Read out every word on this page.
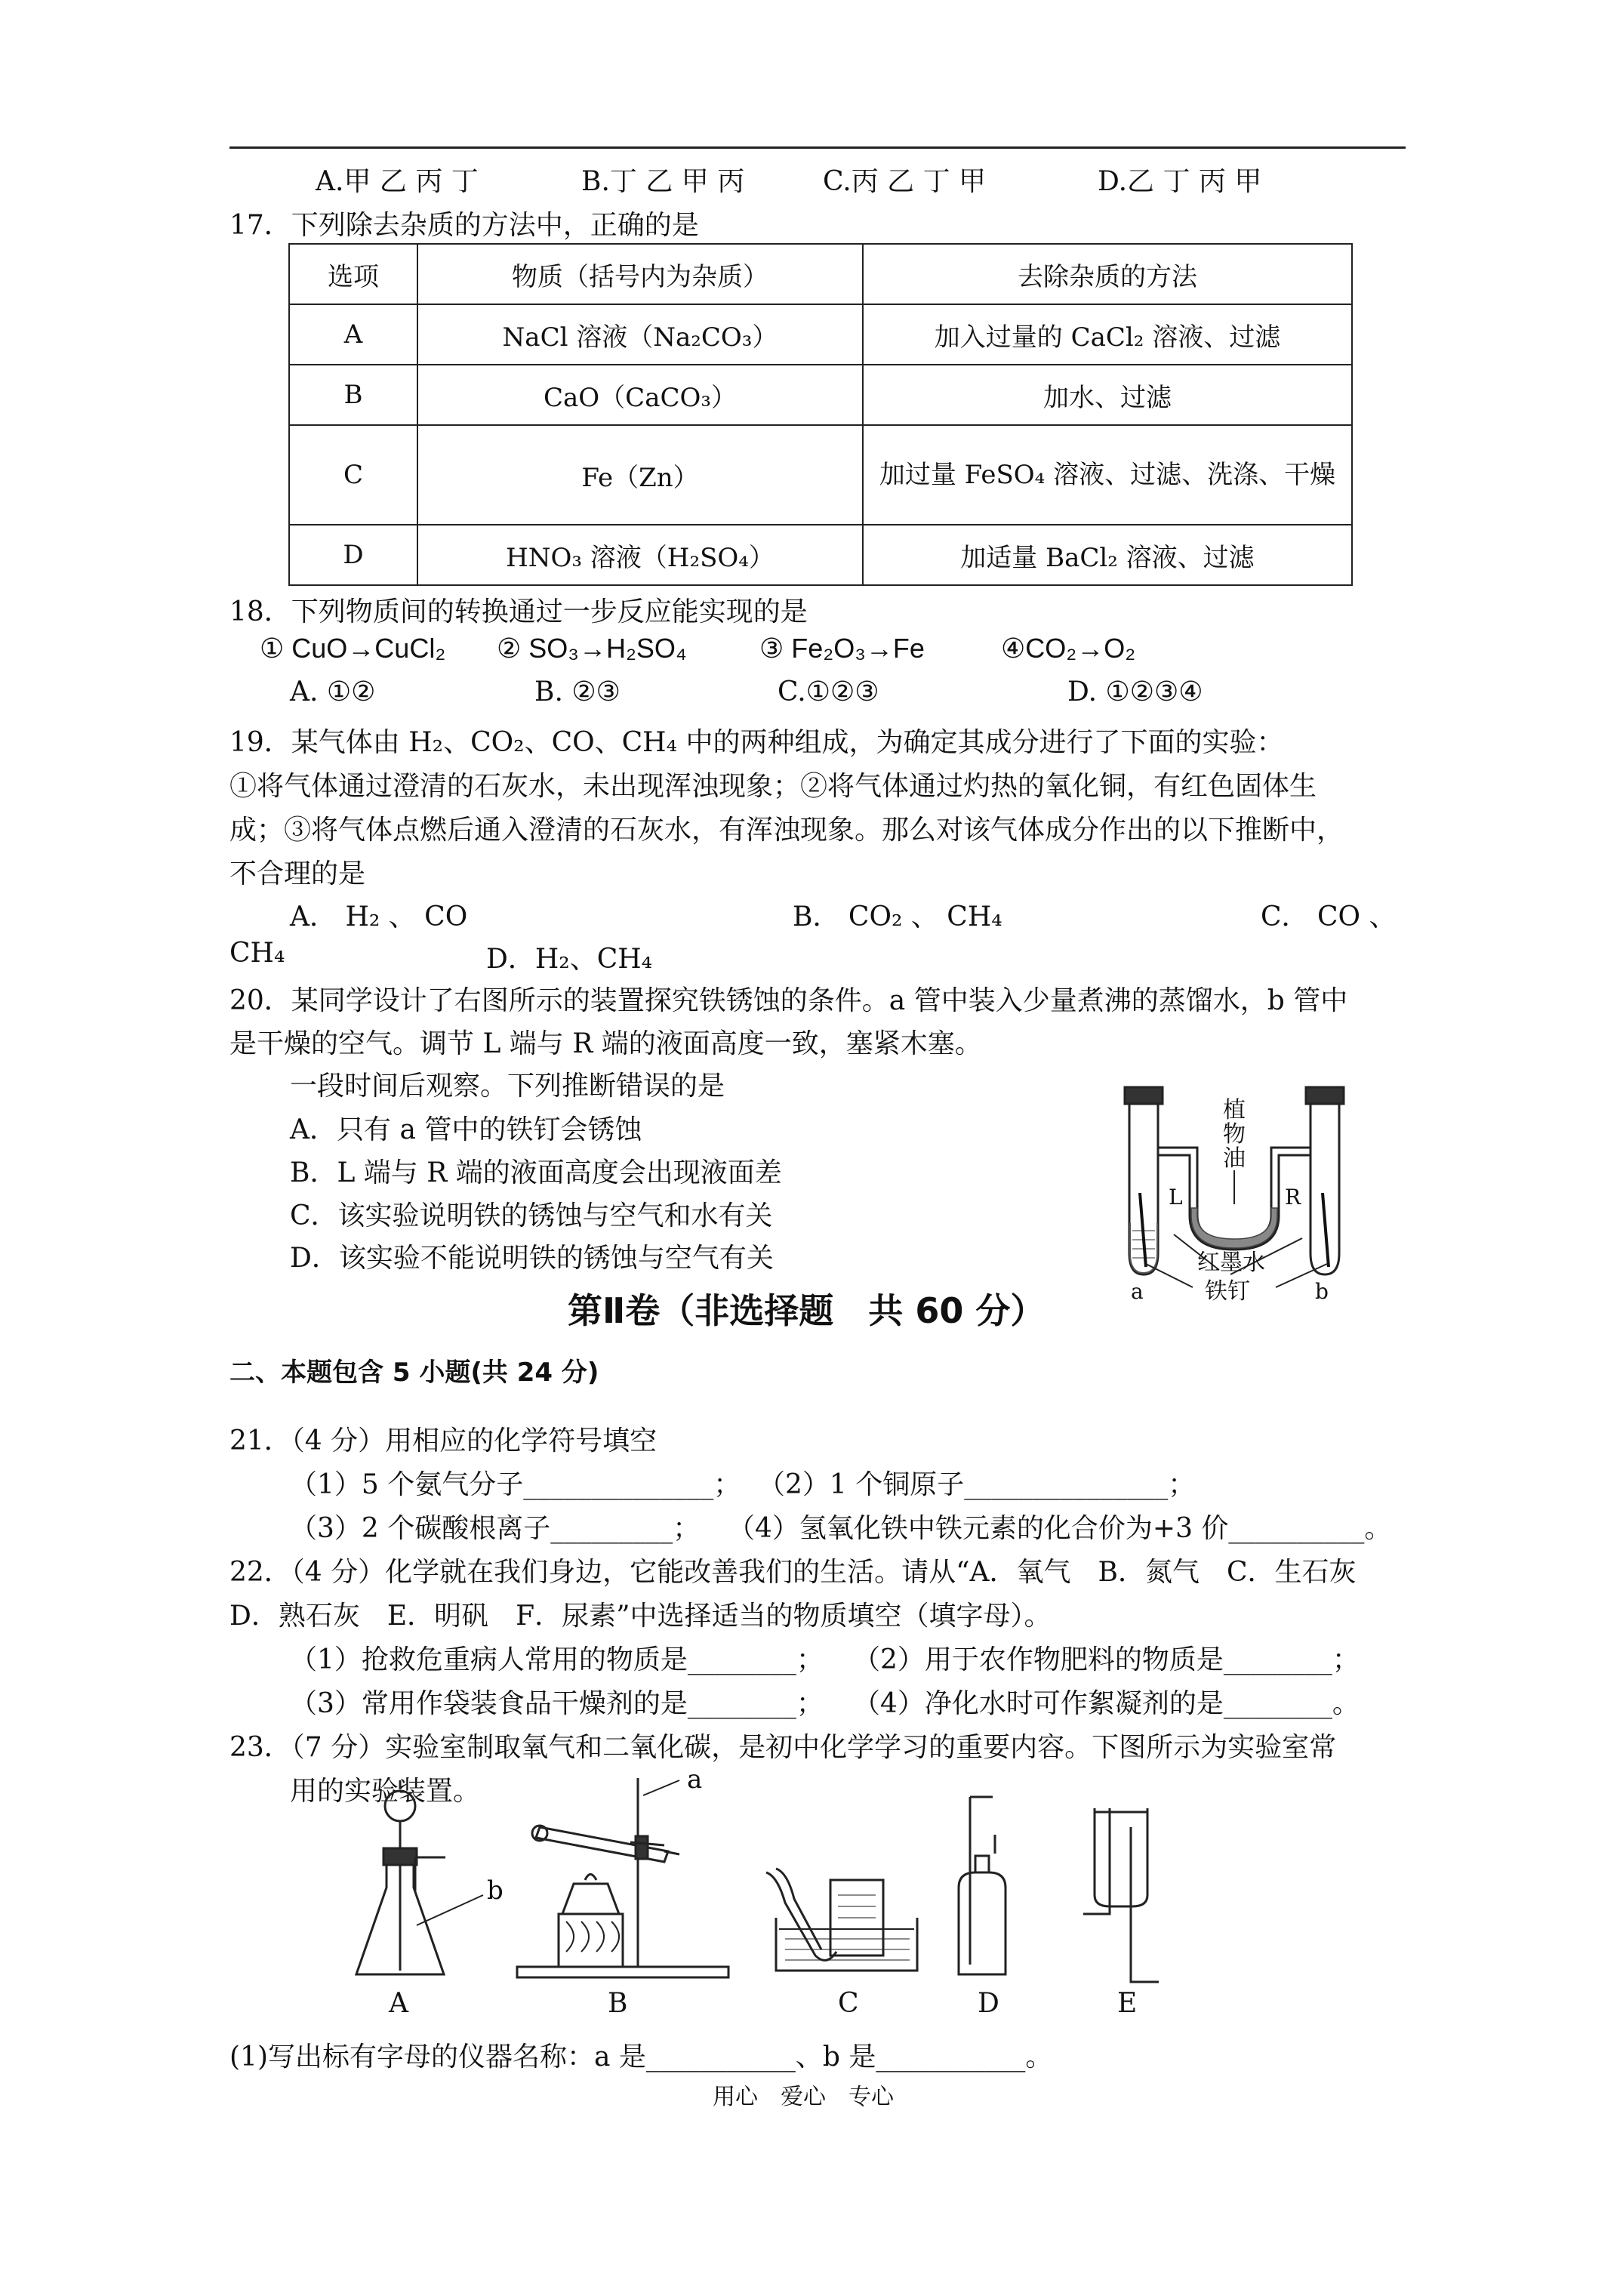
A.甲 乙 丙 丁	B.丁 乙 甲 丙	C.丙 乙 丁 甲	D.乙 丁 丙 甲
17．下列除去杂质的方法中，正确的是
选项	物质（括号内为杂质）	去除杂质的方法
A	NaCl 溶液（Na₂CO₃）	加入过量的 CaCl₂ 溶液、过滤
B	CaO（CaCO₃）	加水、过滤
C	Fe（Zn）	加过量 FeSO₄ 溶液、过滤、洗涤、干燥
D	HNO₃ 溶液（H₂SO₄）	加适量 BaCl₂ 溶液、过滤
18．下列物质间的转换通过一步反应能实现的是
① CuO→CuCl₂ ② SO₃→H₂SO₄	③ Fe₂O₃→Fe	④CO₂→O₂
A. ①②	B. ②③	C.①②③	D. ①②③④
19．某气体由 H₂、CO₂、CO、CH₄ 中的两种组成，为确定其成分进行了下面的实验：
①将气体通过澄清的石灰水，未出现浑浊现象；②将气体通过灼热的氧化铜，有红色固体生
成；③将气体点燃后通入澄清的石灰水，有浑浊现象。那么对该气体成分作出的以下推断中，
不合理的是
A． H₂ 、 CO	B． CO₂ 、 CH₄	C． CO 、
CH₄	D．H₂、CH₄
20．某同学设计了右图所示的装置探究铁锈蚀的条件。a 管中装入少量煮沸的蒸馏水，b 管中
是干燥的空气。调节 L 端与 R 端的液面高度一致，塞紧木塞。
一段时间后观察。下列推断错误的是
A．只有 a 管中的铁钉会锈蚀
B．L 端与 R 端的液面高度会出现液面差
C．该实验说明铁的锈蚀与空气和水有关
D．该实验不能说明铁的锈蚀与空气有关
植
物
油
L	R
红墨水
铁钉
a	b
第Ⅱ卷（非选择题　共 60 分）
二、本题包含 5 小题(共 24 分)
21．（4 分）用相应的化学符号填空
（1）5 个氨气分子______________； （2）1 个铜原子_______________；
（3）2 个碳酸根离子_________； （4）氢氧化铁中铁元素的化合价为+3 价__________。
22．（4 分）化学就在我们身边，它能改善我们的生活。请从“A．氧气　B．氮气　C．生石灰
D．熟石灰　E．明矾　F．尿素”中选择适当的物质填空（填字母）。
（1）抢救危重病人常用的物质是________； （2）用于农作物肥料的物质是________；
（3）常用作袋装食品干燥剂的是________； （4）净化水时可作絮凝剂的是________。
23．（7 分）实验室制取氧气和二氧化碳，是初中化学学习的重要内容。下图所示为实验室常
用的实验装置。
A	B	C	D	E
a
b
(1)写出标有字母的仪器名称：a 是___________、b 是___________。
用心　爱心　专心
